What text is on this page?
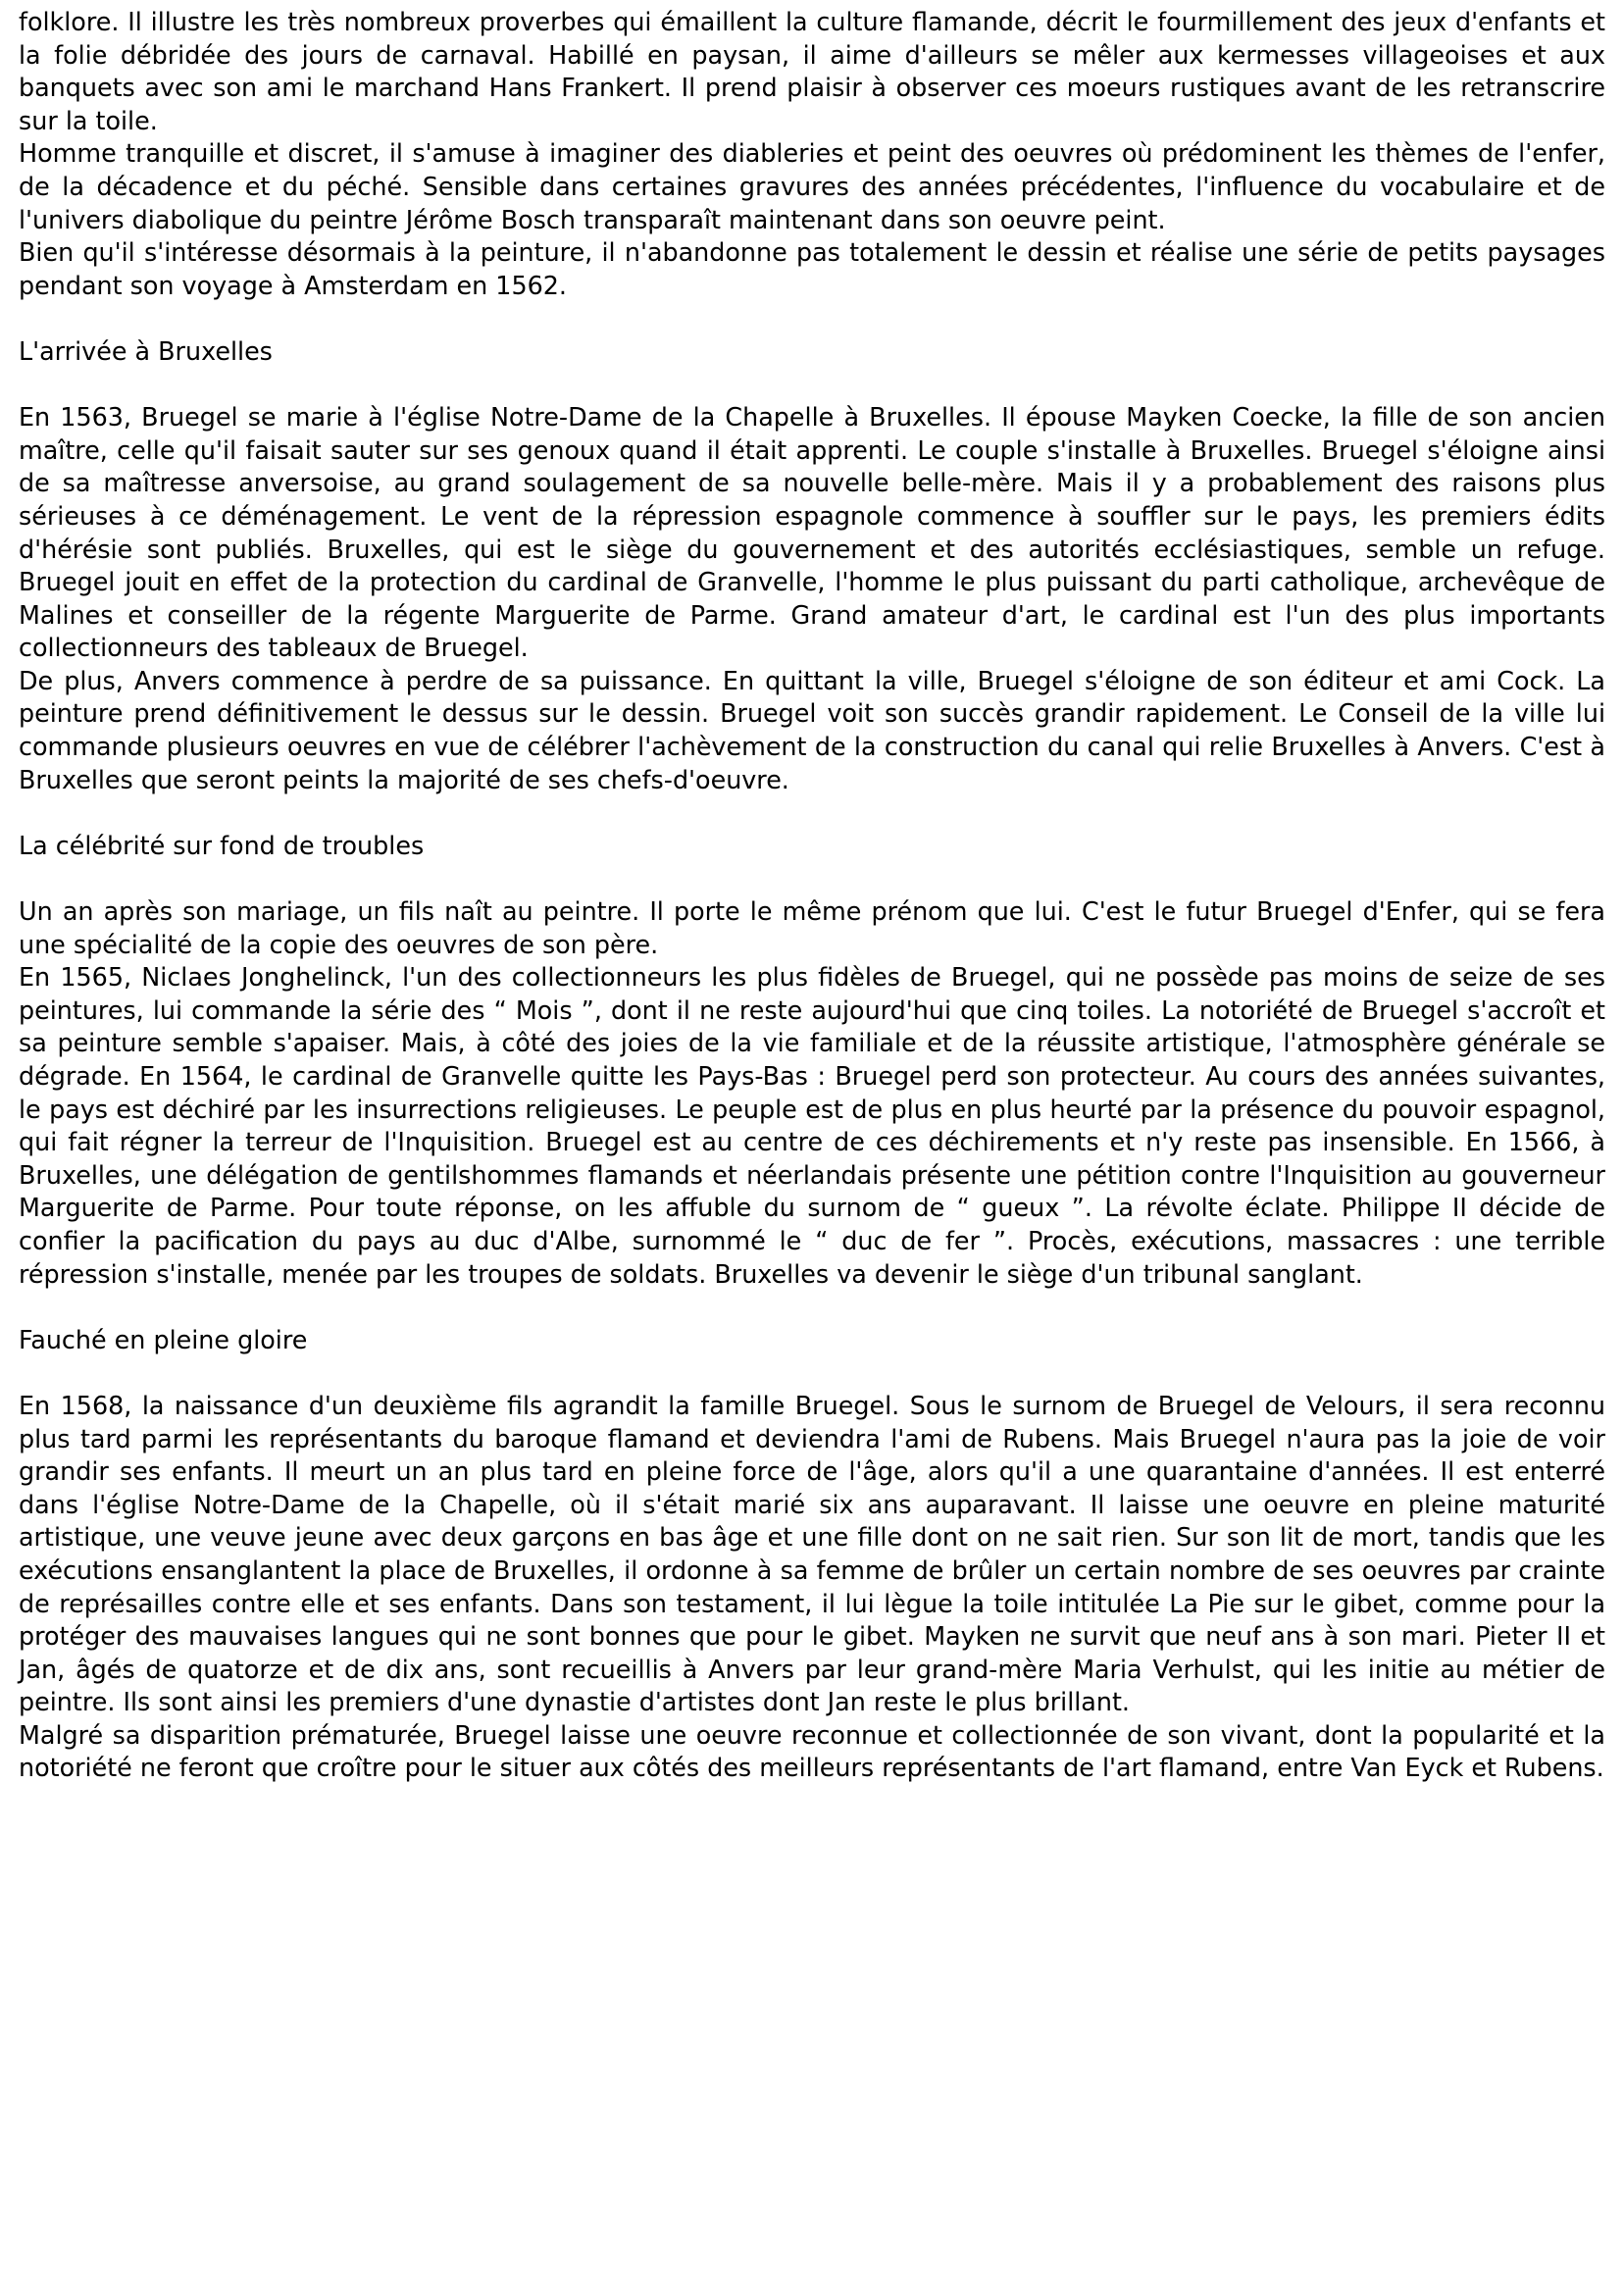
folklore. Il illustre les très nombreux proverbes qui émaillent la culture flamande, décrit le fourmillement des jeux d'enfants et la folie débridée des jours de carnaval. Habillé en paysan, il aime d'ailleurs se mêler aux kermesses villageoises et aux banquets avec son ami le marchand Hans Frankert. Il prend plaisir à observer ces moeurs rustiques avant de les retranscrire sur la toile.

Homme tranquille et discret, il s'amuse à imaginer des diableries et peint des oeuvres où prédominent les thèmes de l'enfer, de la décadence et du péché. Sensible dans certaines gravures des années précédentes, l'influence du vocabulaire et de l'univers diabolique du peintre Jérôme Bosch transparaît maintenant dans son oeuvre peint.

Bien qu'il s'intéresse désormais à la peinture, il n'abandonne pas totalement le dessin et réalise une série de petits paysages pendant son voyage à Amsterdam en 1562.

L'arrivée à Bruxelles

En 1563, Bruegel se marie à l'église Notre-Dame de la Chapelle à Bruxelles. Il épouse Mayken Coecke, la fille de son ancien maître, celle qu'il faisait sauter sur ses genoux quand il était apprenti. Le couple s'installe à Bruxelles. Bruegel s'éloigne ainsi de sa maîtresse anversoise, au grand soulagement de sa nouvelle belle-mère. Mais il y a probablement des raisons plus sérieuses à ce déménagement. Le vent de la répression espagnole commence à souffler sur le pays, les premiers édits d'hérésie sont publiés. Bruxelles, qui est le siège du gouvernement et des autorités ecclésiastiques, semble un refuge. Bruegel jouit en effet de la protection du cardinal de Granvelle, l'homme le plus puissant du parti catholique, archevêque de Malines et conseiller de la régente Marguerite de Parme. Grand amateur d'art, le cardinal est l'un des plus importants collectionneurs des tableaux de Bruegel.

De plus, Anvers commence à perdre de sa puissance. En quittant la ville, Bruegel s'éloigne de son éditeur et ami Cock. La peinture prend définitivement le dessus sur le dessin. Bruegel voit son succès grandir rapidement. Le Conseil de la ville lui commande plusieurs oeuvres en vue de célébrer l'achèvement de la construction du canal qui relie Bruxelles à Anvers. C'est à Bruxelles que seront peints la majorité de ses chefs-d'oeuvre.

La célébrité sur fond de troubles

Un an après son mariage, un fils naît au peintre. Il porte le même prénom que lui. C'est le futur Bruegel d'Enfer, qui se fera une spécialité de la copie des oeuvres de son père.

En 1565, Niclaes Jonghelinck, l'un des collectionneurs les plus fidèles de Bruegel, qui ne possède pas moins de seize de ses peintures, lui commande la série des “ Mois ”, dont il ne reste aujourd'hui que cinq toiles. La notoriété de Bruegel s'accroît et sa peinture semble s'apaiser. Mais, à côté des joies de la vie familiale et de la réussite artistique, l'atmosphère générale se dégrade. En 1564, le cardinal de Granvelle quitte les Pays-Bas : Bruegel perd son protecteur. Au cours des années suivantes, le pays est déchiré par les insurrections religieuses. Le peuple est de plus en plus heurté par la présence du pouvoir espagnol, qui fait régner la terreur de l'Inquisition. Bruegel est au centre de ces déchirements et n'y reste pas insensible. En 1566, à Bruxelles, une délégation de gentilshommes flamands et néerlandais présente une pétition contre l'Inquisition au gouverneur Marguerite de Parme. Pour toute réponse, on les affuble du surnom de “ gueux ”. La révolte éclate. Philippe II décide de confier la pacification du pays au duc d'Albe, surnommé le “ duc de fer ”. Procès, exécutions, massacres : une terrible répression s'installe, menée par les troupes de soldats. Bruxelles va devenir le siège d'un tribunal sanglant.

Fauché en pleine gloire

En 1568, la naissance d'un deuxième fils agrandit la famille Bruegel. Sous le surnom de Bruegel de Velours, il sera reconnu plus tard parmi les représentants du baroque flamand et deviendra l'ami de Rubens. Mais Bruegel n'aura pas la joie de voir grandir ses enfants. Il meurt un an plus tard en pleine force de l'âge, alors qu'il a une quarantaine d'années. Il est enterré dans l'église Notre-Dame de la Chapelle, où il s'était marié six ans auparavant. Il laisse une oeuvre en pleine maturité artistique, une veuve jeune avec deux garçons en bas âge et une fille dont on ne sait rien. Sur son lit de mort, tandis que les exécutions ensanglantent la place de Bruxelles, il ordonne à sa femme de brûler un certain nombre de ses oeuvres par crainte de représailles contre elle et ses enfants. Dans son testament, il lui lègue la toile intitulée La Pie sur le gibet, comme pour la protéger des mauvaises langues qui ne sont bonnes que pour le gibet. Mayken ne survit que neuf ans à son mari. Pieter II et Jan, âgés de quatorze et de dix ans, sont recueillis à Anvers par leur grand-mère Maria Verhulst, qui les initie au métier de peintre. Ils sont ainsi les premiers d'une dynastie d'artistes dont Jan reste le plus brillant.

Malgré sa disparition prématurée, Bruegel laisse une oeuvre reconnue et collectionnée de son vivant, dont la popularité et la notoriété ne feront que croître pour le situer aux côtés des meilleurs représentants de l'art flamand, entre Van Eyck et Rubens.
